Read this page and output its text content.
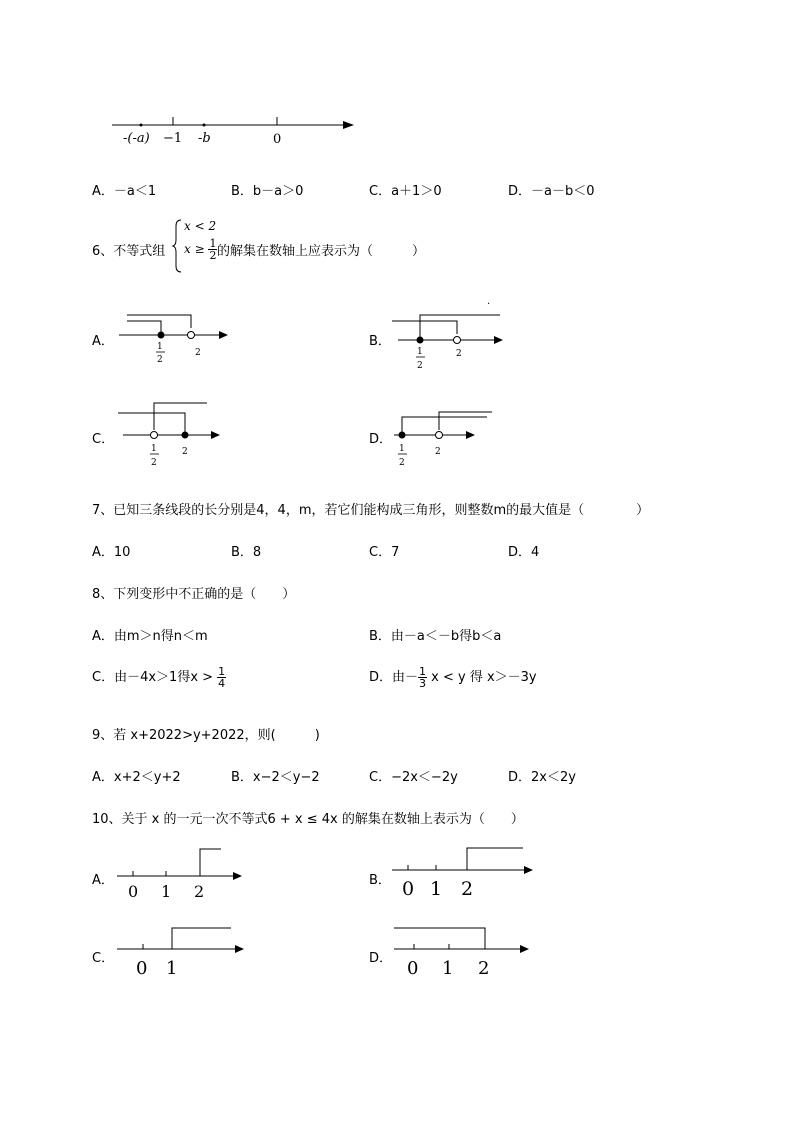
-(-a) −1 -b	0
A．－a＜1	B．b－a＞0	C．a＋1＞0	D．－a－b＜0
6、不等式组
x < 2
$x \ge \frac{1}{2}$ 的解集在数轴上应表示为（　　　）
A．	1
2
2
.
B．
1
2
2
C．
1
2
2
D．
1
2
2
7、已知三条线段的长分别是4，4，m，若它们能构成三角形，则整数m的最大值是（　　　　）
A．10	B．8	C．7	D．4
8、下列变形中不正确的是（　　）
A．由m＞n得n＜m	B．由－a＜－b得b＜a
C．由－4x＞1得$x > \frac{1}{4}$	D．由－ $\frac{1}{3}$ x < y 得 x＞－3y
9、若 x+2022>y+2022，则(　　　)
A．x+2＜y+2	B．x−2＜y−2	C．−2x＜−2y	D．2x＜2y
10、关于 x 的一元一次不等式6 + x ≤ 4x 的解集在数轴上表示为（　　）
A．
0 1 2
B． 0 1 2
C． 0 1	D． 0 1 2
